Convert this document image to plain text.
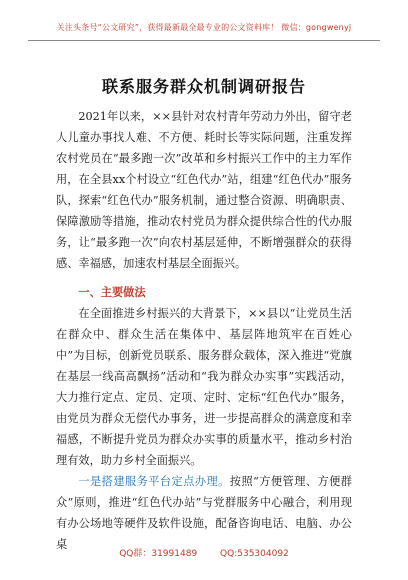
关注头条号“公文研究”，获得最新最全最专业的公文资料库！ 微信：gongwenyj
联系服务群众机制调研报告

2021年以来，××县针对农村青年劳动力外出，留守老人儿童办事找人难、不方便、耗时长等实际问题，注重发挥农村党员在“最多跑一次”改革和乡村振兴工作中的主力军作用，在全县xx个村设立“红色代办”站，组建“红色代办”服务队，探索“红色代办”服务机制，通过整合资源、明确职责、保障激励等措施，推动农村党员为群众提供综合性的代办服务，让“最多跑一次”向农村基层延伸，不断增强群众的获得感、幸福感，加速农村基层全面振兴。

一、主要做法

在全面推进乡村振兴的大背景下，××县以“让党员生活在群众中、群众生活在集体中、基层阵地筑牢在百姓心中”为目标，创新党员联系、服务群众载体，深入推进“党旗在基层一线高高飘扬”活动和“我为群众办实事”实践活动，大力推行定点、定员、定项、定时、定标“红色代办”服务，由党员为群众无偿代办事务，进一步提高群众的满意度和幸福感，不断提升党员为群众办实事的质量水平，推动乡村治理有效，助力乡村全面振兴。

一是搭建服务平台定点办理。按照“方便管理、方便群众”原则，推进“红色代办站”与党群服务中心融合，利用现有办公场地等硬件及软件设施，配备咨询电话、电脑、办公桌

QQ群：31991489	QQ:535304092
